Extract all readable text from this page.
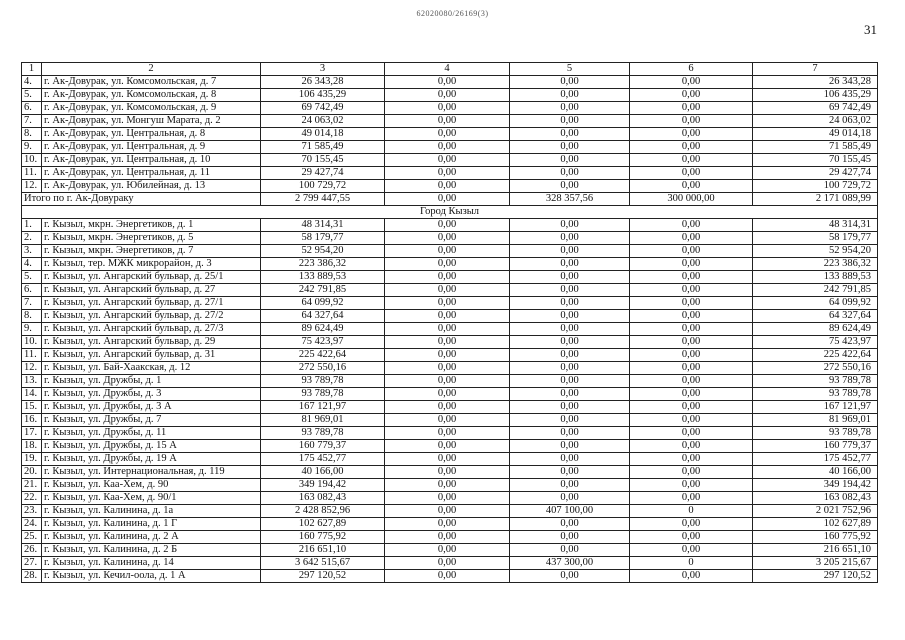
62020080/26169(3)
31
1	2	3	4	5	6	7
4.	г. Ак-Довурак, ул. Комсомольская, д. 7	26 343,28	0,00	0,00	0,00	26 343,28
5.	г. Ак-Довурак, ул. Комсомольская, д. 8	106 435,29	0,00	0,00	0,00	106 435,29
6.	г. Ак-Довурак, ул. Комсомольская, д. 9	69 742,49	0,00	0,00	0,00	69 742,49
7.	г. Ак-Довурак, ул. Монгуш Марата, д. 2	24 063,02	0,00	0,00	0,00	24 063,02
8.	г. Ак-Довурак, ул. Центральная, д. 8	49 014,18	0,00	0,00	0,00	49 014,18
9.	г. Ак-Довурак, ул. Центральная, д. 9	71 585,49	0,00	0,00	0,00	71 585,49
10.	г. Ак-Довурак, ул. Центральная, д. 10	70 155,45	0,00	0,00	0,00	70 155,45
11.	г. Ак-Довурак, ул. Центральная, д. 11	29 427,74	0,00	0,00	0,00	29 427,74
12.	г. Ак-Довурак, ул. Юбилейная, д. 13	100 729,72	0,00	0,00	0,00	100 729,72
Итого по г. Ак-Довураку		2 799 447,55	0,00	328 357,56	300 000,00	2 171 089,99
Город Кызыл						
1.	г. Кызыл, мкрн. Энергетиков, д. 1	48 314,31	0,00	0,00	0,00	48 314,31
2.	г. Кызыл, мкрн. Энергетиков, д. 5	58 179,77	0,00	0,00	0,00	58 179,77
3.	г. Кызыл, мкрн. Энергетиков, д. 7	52 954,20	0,00	0,00	0,00	52 954,20
4.	г. Кызыл, тер. МЖК микрорайон, д. 3	223 386,32	0,00	0,00	0,00	223 386,32
5.	г. Кызыл, ул. Ангарский бульвар, д. 25/1	133 889,53	0,00	0,00	0,00	133 889,53
6.	г. Кызыл, ул. Ангарский бульвар, д. 27	242 791,85	0,00	0,00	0,00	242 791,85
7.	г. Кызыл, ул. Ангарский бульвар, д. 27/1	64 099,92	0,00	0,00	0,00	64 099,92
8.	г. Кызыл, ул. Ангарский бульвар, д. 27/2	64 327,64	0,00	0,00	0,00	64 327,64
9.	г. Кызыл, ул. Ангарский бульвар, д. 27/3	89 624,49	0,00	0,00	0,00	89 624,49
10.	г. Кызыл, ул. Ангарский бульвар, д. 29	75 423,97	0,00	0,00	0,00	75 423,97
11.	г. Кызыл, ул. Ангарский бульвар, д. 31	225 422,64	0,00	0,00	0,00	225 422,64
12.	г. Кызыл, ул. Бай-Хаакская, д. 12	272 550,16	0,00	0,00	0,00	272 550,16
13.	г. Кызыл, ул. Дружбы, д. 1	93 789,78	0,00	0,00	0,00	93 789,78
14.	г. Кызыл, ул. Дружбы, д. 3	93 789,78	0,00	0,00	0,00	93 789,78
15.	г. Кызыл, ул. Дружбы, д. 3 А	167 121,97	0,00	0,00	0,00	167 121,97
16.	г. Кызыл, ул. Дружбы, д. 7	81 969,01	0,00	0,00	0,00	81 969,01
17.	г. Кызыл, ул. Дружбы, д. 11	93 789,78	0,00	0,00	0,00	93 789,78
18.	г. Кызыл, ул. Дружбы, д. 15 А	160 779,37	0,00	0,00	0,00	160 779,37
19.	г. Кызыл, ул. Дружбы, д. 19 А	175 452,77	0,00	0,00	0,00	175 452,77
20.	г. Кызыл, ул. Интернациональная, д. 119	40 166,00	0,00	0,00	0,00	40 166,00
21.	г. Кызыл, ул. Каа-Хем, д. 90	349 194,42	0,00	0,00	0,00	349 194,42
22.	г. Кызыл, ул. Каа-Хем, д. 90/1	163 082,43	0,00	0,00	0,00	163 082,43
23.	г. Кызыл, ул. Калинина, д. 1а	2 428 852,96	0,00	407 100,00	0	2 021 752,96
24.	г. Кызыл, ул. Калинина, д. 1 Г	102 627,89	0,00	0,00	0,00	102 627,89
25.	г. Кызыл, ул. Калинина, д. 2 А	160 775,92	0,00	0,00	0,00	160 775,92
26.	г. Кызыл, ул. Калинина, д. 2 Б	216 651,10	0,00	0,00	0,00	216 651,10
27.	г. Кызыл, ул. Калинина, д. 14	3 642 515,67	0,00	437 300,00	0	3 205 215,67
28.	г. Кызыл, ул. Кечил-оола, д. 1 А	297 120,52	0,00	0,00	0,00	297 120,52
